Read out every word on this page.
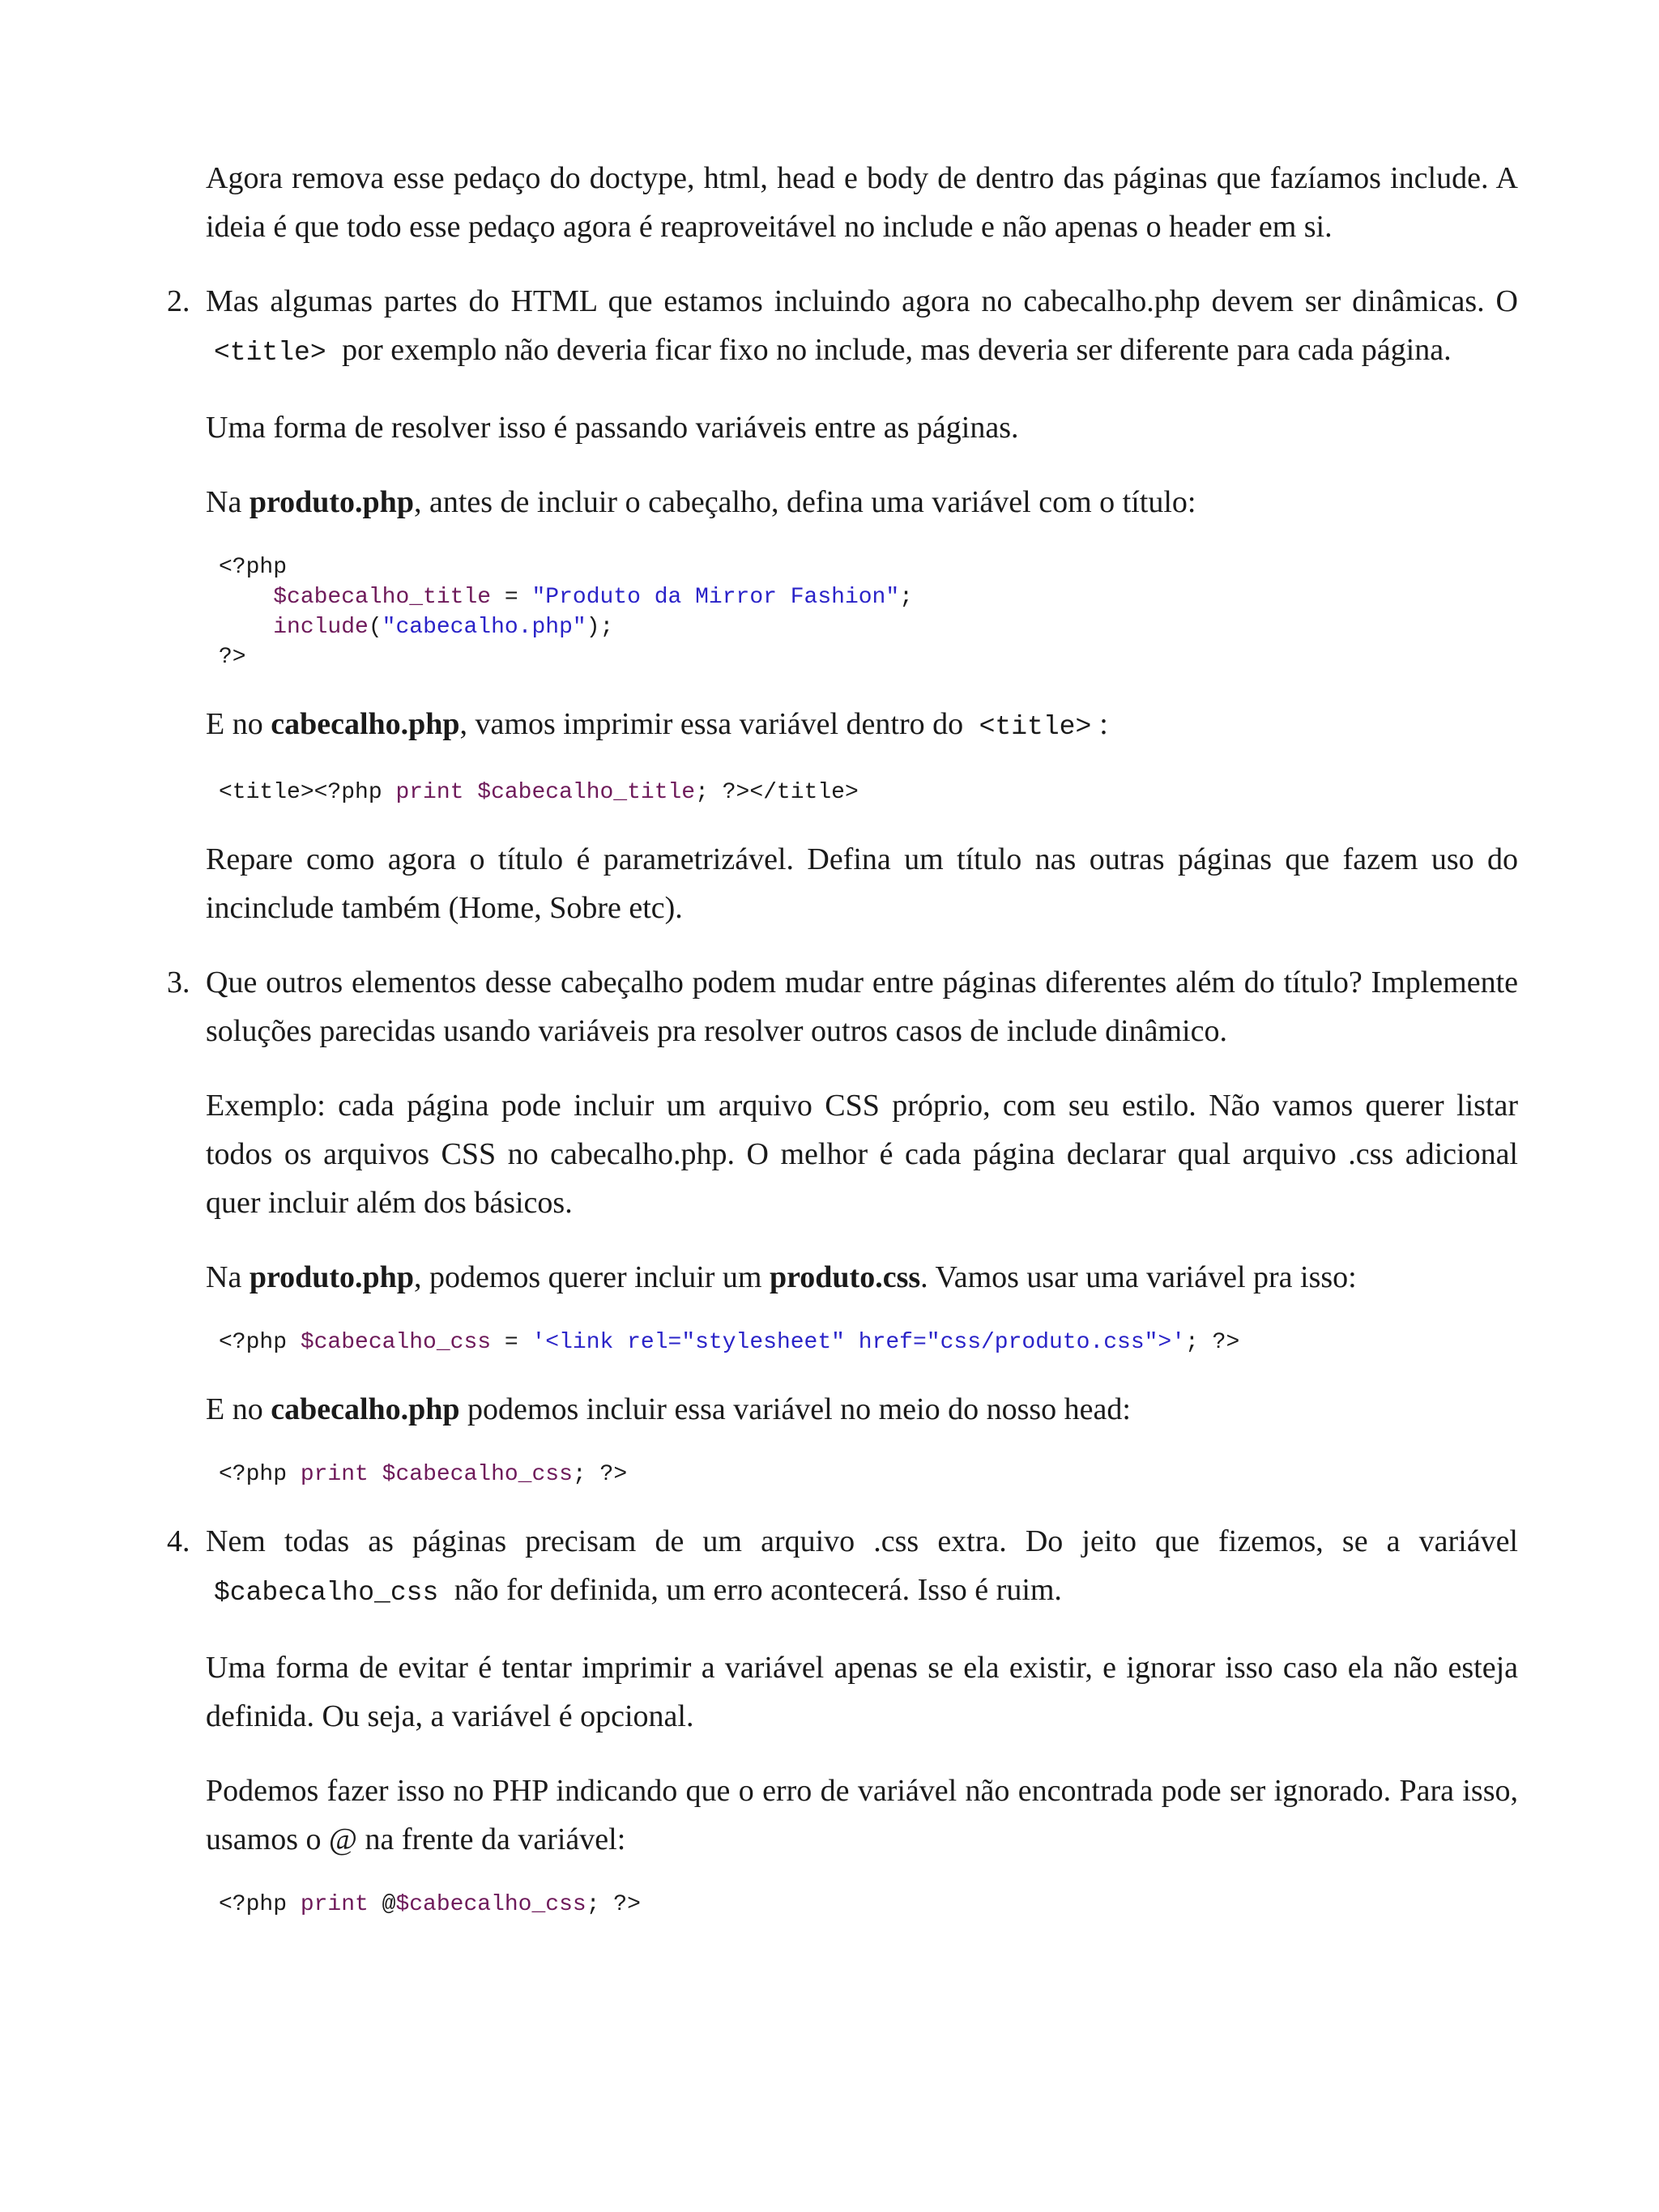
Agora remova esse pedaço do doctype, html, head e body de dentro das páginas que fazíamos include. A ideia é que todo esse pedaço agora é reaproveitável no include e não apenas o header em si.

2. Mas algumas partes do HTML que estamos incluindo agora no cabecalho.php devem ser dinâmicas. O <title> por exemplo não deveria ficar fixo no include, mas deveria ser diferente para cada página.

Uma forma de resolver isso é passando variáveis entre as páginas.

Na produto.php, antes de incluir o cabeçalho, defina uma variável com o título:

<?php
$cabecalho_title = "Produto da Mirror Fashion";
include("cabecalho.php");
?>

E no cabecalho.php, vamos imprimir essa variável dentro do <title> :

<title><?php print $cabecalho_title; ?></title>

Repare como agora o título é parametrizável. Defina um título nas outras páginas que fazem uso do incinclude também (Home, Sobre etc).

3. Que outros elementos desse cabeçalho podem mudar entre páginas diferentes além do título? Implemente soluções parecidas usando variáveis pra resolver outros casos de include dinâmico.

Exemplo: cada página pode incluir um arquivo CSS próprio, com seu estilo. Não vamos querer listar todos os arquivos CSS no cabecalho.php. O melhor é cada página declarar qual arquivo .css adicional quer incluir além dos básicos.

Na produto.php, podemos querer incluir um produto.css. Vamos usar uma variável pra isso:

<?php $cabecalho_css = '<link rel="stylesheet" href="css/produto.css">'; ?>

E no cabecalho.php podemos incluir essa variável no meio do nosso head:

<?php print $cabecalho_css; ?>
4. Nem todas as páginas precisam de um arquivo .css extra. Do jeito que fizemos, se a variável $cabecalho_css não for definida, um erro acontecerá. Isso é ruim.

Uma forma de evitar é tentar imprimir a variável apenas se ela existir, e ignorar isso caso ela não esteja definida. Ou seja, a variável é opcional.

Podemos fazer isso no PHP indicando que o erro de variável não encontrada pode ser ignorado. Para isso, usamos o @ na frente da variável:

<?php print @$cabecalho_css; ?>
